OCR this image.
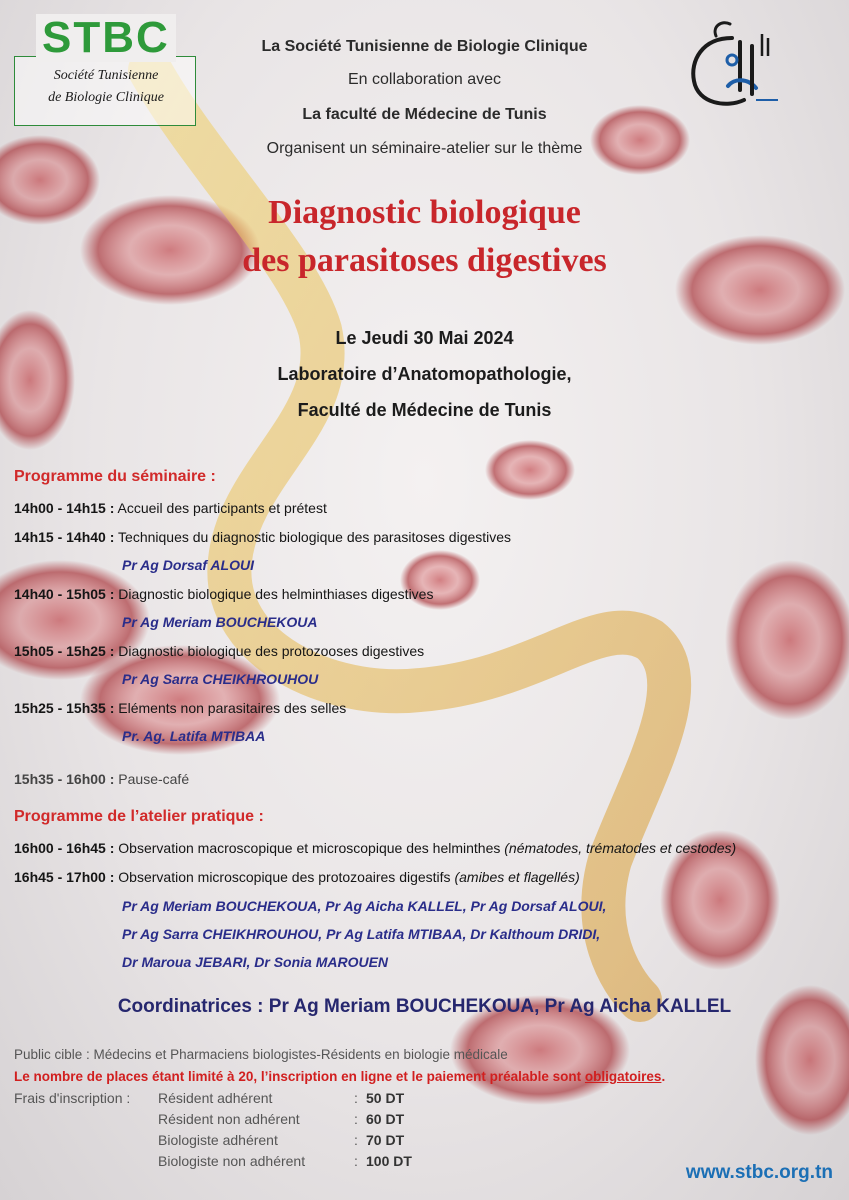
STBC
Société Tunisienne
de Biologie Clinique
La Société Tunisienne de Biologie Clinique
En collaboration avec
La faculté de Médecine de Tunis
Organisent un séminaire-atelier sur le thème
Diagnostic biologique
des parasitoses digestives
Le Jeudi 30 Mai 2024
Laboratoire d’Anatomopathologie,
Faculté de Médecine de Tunis
Programme du séminaire :
14h00 - 14h15 : Accueil des participants et prétest
14h15 - 14h40 : Techniques du diagnostic biologique des parasitoses digestives
Pr Ag Dorsaf ALOUI
14h40 - 15h05 : Diagnostic biologique des helminthiases digestives
Pr Ag Meriam BOUCHEKOUA
15h05 - 15h25 : Diagnostic biologique des protozooses digestives
Pr Ag Sarra CHEIKHROUHOU
15h25 - 15h35 : Eléments non parasitaires des selles
Pr. Ag. Latifa MTIBAA
15h35 - 16h00 : Pause-café
Programme de l’atelier pratique :
16h00 - 16h45 : Observation macroscopique et microscopique des helminthes (nématodes, trématodes et cestodes)
16h45 - 17h00 : Observation microscopique des protozoaires digestifs (amibes et flagellés)
Pr Ag Meriam BOUCHEKOUA, Pr Ag Aicha KALLEL, Pr Ag Dorsaf ALOUI,
Pr Ag Sarra CHEIKHROUHOU, Pr Ag Latifa MTIBAA, Dr Kalthoum DRIDI,
Dr Maroua JEBARI, Dr Sonia MAROUEN
Coordinatrices : Pr Ag Meriam BOUCHEKOUA, Pr Ag Aicha KALLEL
Public cible : Médecins et Pharmaciens biologistes-Résidents en biologie médicale
Le nombre de places étant limité à 20, l’inscription en ligne et le paiement préalable sont obligatoires.
Frais d'inscription : Résident adhérent	: 50 DT
Résident non adhérent	: 60 DT
Biologiste adhérent	: 70 DT
Biologiste non adhérent	: 100 DT
www.stbc.org.tn
